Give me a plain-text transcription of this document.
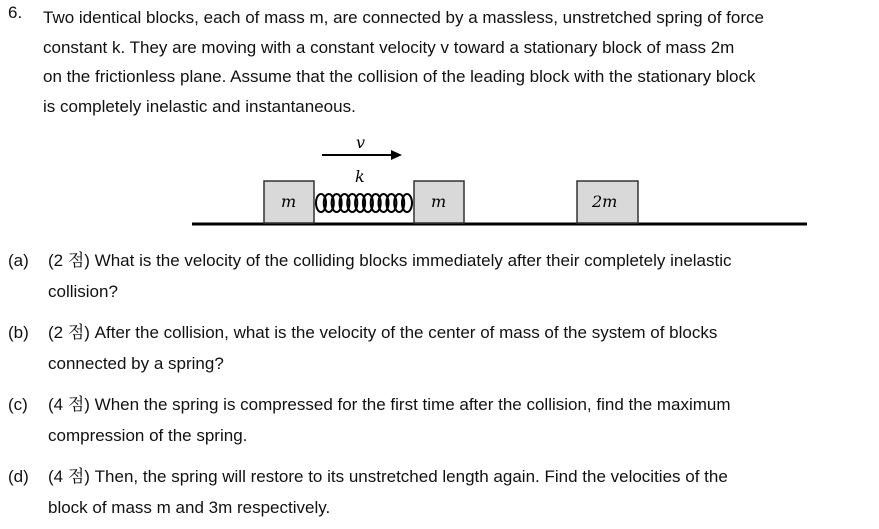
6. Two identical blocks, each of mass m, are connected by a massless, unstretched spring of force
constant k. They are moving with a constant velocity v toward a stationary block of mass 2m
on the frictionless plane. Assume that the collision of the leading block with the stationary block
is completely inelastic and instantaneous.
v
k
m	m	2m
(a) (2 점) What is the velocity of the colliding blocks immediately after their completely inelastic
collision?
(b) (2 점) After the collision, what is the velocity of the center of mass of the system of blocks
connected by a spring?
(c) (4 점) When the spring is compressed for the first time after the collision, find the maximum
compression of the spring.
(d) (4 점) Then, the spring will restore to its unstretched length again. Find the velocities of the
block of mass m and 3m respectively.
